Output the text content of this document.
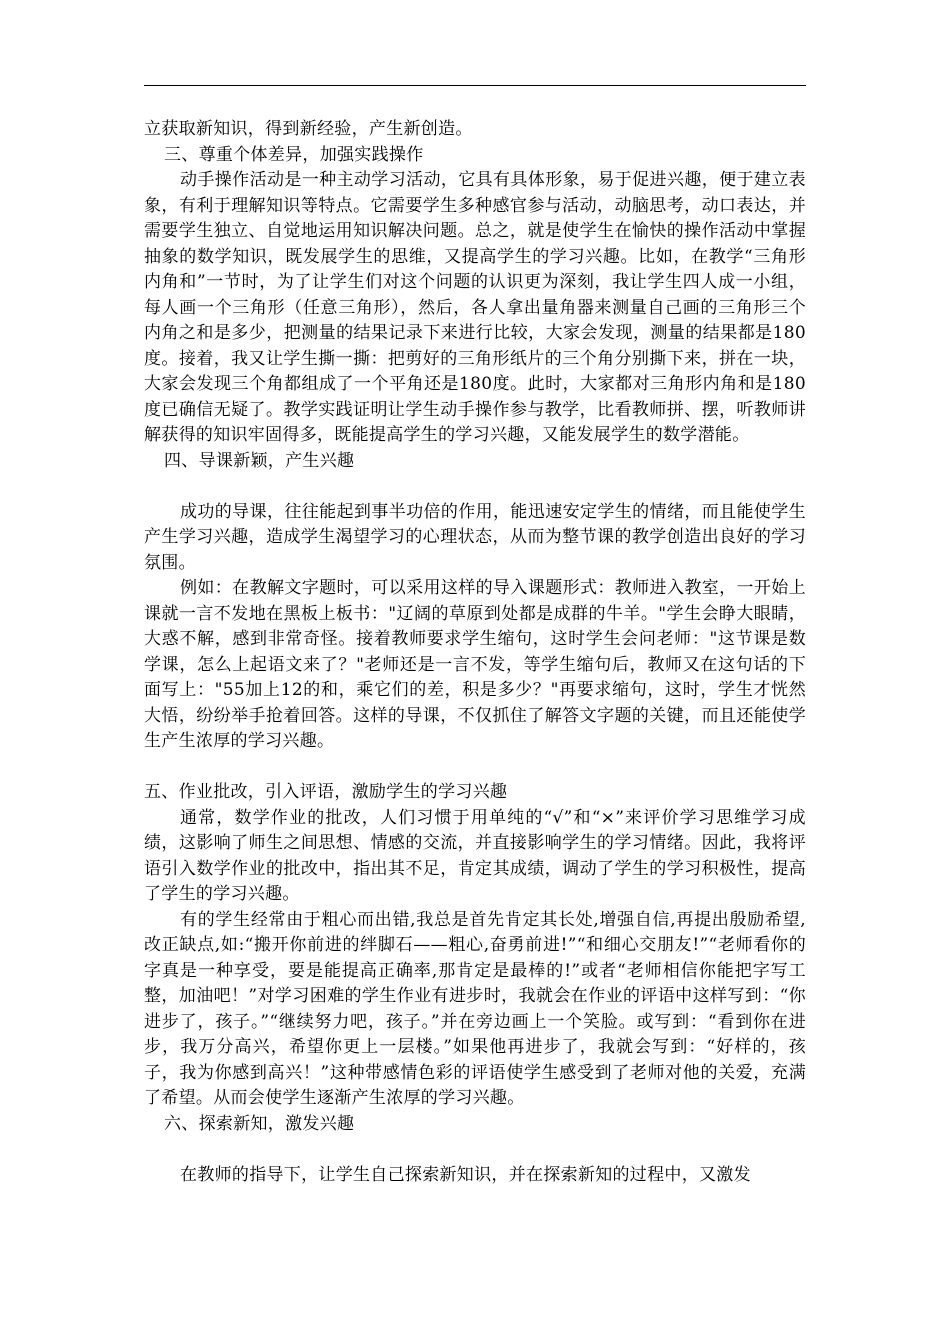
立获取新知识，得到新经验，产生新创造。

三、尊重个体差异，加强实践操作

动手操作活动是一种主动学习活动，它具有具体形象，易于促进兴趣，便于建立表象，有利于理解知识等特点。它需要学生多种感官参与活动，动脑思考，动口表达，并需要学生独立、自觉地运用知识解决问题。总之，就是使学生在愉快的操作活动中掌握抽象的数学知识，既发展学生的思维，又提高学生的学习兴趣。比如，在教学“三角形内角和”一节时，为了让学生们对这个问题的认识更为深刻，我让学生四人成一小组，每人画一个三角形（任意三角形），然后，各人拿出量角器来测量自己画的三角形三个内角之和是多少，把测量的结果记录下来进行比较，大家会发现，测量的结果都是180度。接着，我又让学生撕一撕：把剪好的三角形纸片的三个角分别撕下来，拼在一块，大家会发现三个角都组成了一个平角还是180度。此时，大家都对三角形内角和是180度已确信无疑了。教学实践证明让学生动手操作参与教学，比看教师拼、摆，听教师讲解获得的知识牢固得多，既能提高学生的学习兴趣，又能发展学生的数学潜能。

四、导课新颖，产生兴趣

成功的导课，往往能起到事半功倍的作用，能迅速安定学生的情绪，而且能使学生产生学习兴趣，造成学生渴望学习的心理状态，从而为整节课的教学创造出良好的学习氛围。

例如：在教解文字题时，可以采用这样的导入课题形式：教师进入教室，一开始上课就一言不发地在黑板上板书："辽阔的草原到处都是成群的牛羊。"学生会睁大眼睛，大惑不解，感到非常奇怪。接着教师要求学生缩句，这时学生会问老师："这节课是数学课，怎么上起语文来了？"老师还是一言不发，等学生缩句后，教师又在这句话的下面写上："55加上12的和，乘它们的差，积是多少？"再要求缩句，这时，学生才恍然大悟，纷纷举手抢着回答。这样的导课，不仅抓住了解答文字题的关键，而且还能使学生产生浓厚的学习兴趣。

五、作业批改，引入评语，激励学生的学习兴趣

通常，数学作业的批改，人们习惯于用单纯的“√”和“×”来评价学习思维学习成绩，这影响了师生之间思想、情感的交流，并直接影响学生的学习情绪。因此，我将评语引入数学作业的批改中，指出其不足，肯定其成绩，调动了学生的学习积极性，提高了学生的学习兴趣。

有的学生经常由于粗心而出错,我总是首先肯定其长处,增强自信,再提出殷励希望,改正缺点,如:“搬开你前进的绊脚石——粗心,奋勇前进!”“和细心交朋友!”“老师看你的字真是一种享受，要是能提高正确率,那肯定是最棒的!”或者“老师相信你能把字写工整，加油吧！”对学习困难的学生作业有进步时，我就会在作业的评语中这样写到：“你进步了，孩子。”“继续努力吧，孩子。”并在旁边画上一个笑脸。或写到：“看到你在进步，我万分高兴，希望你更上一层楼。”如果他再进步了，我就会写到：“好样的，孩子，我为你感到高兴！”这种带感情色彩的评语使学生感受到了老师对他的关爱，充满了希望。从而会使学生逐渐产生浓厚的学习兴趣。

六、探索新知，激发兴趣

在教师的指导下，让学生自己探索新知识，并在探索新知的过程中，又激发
